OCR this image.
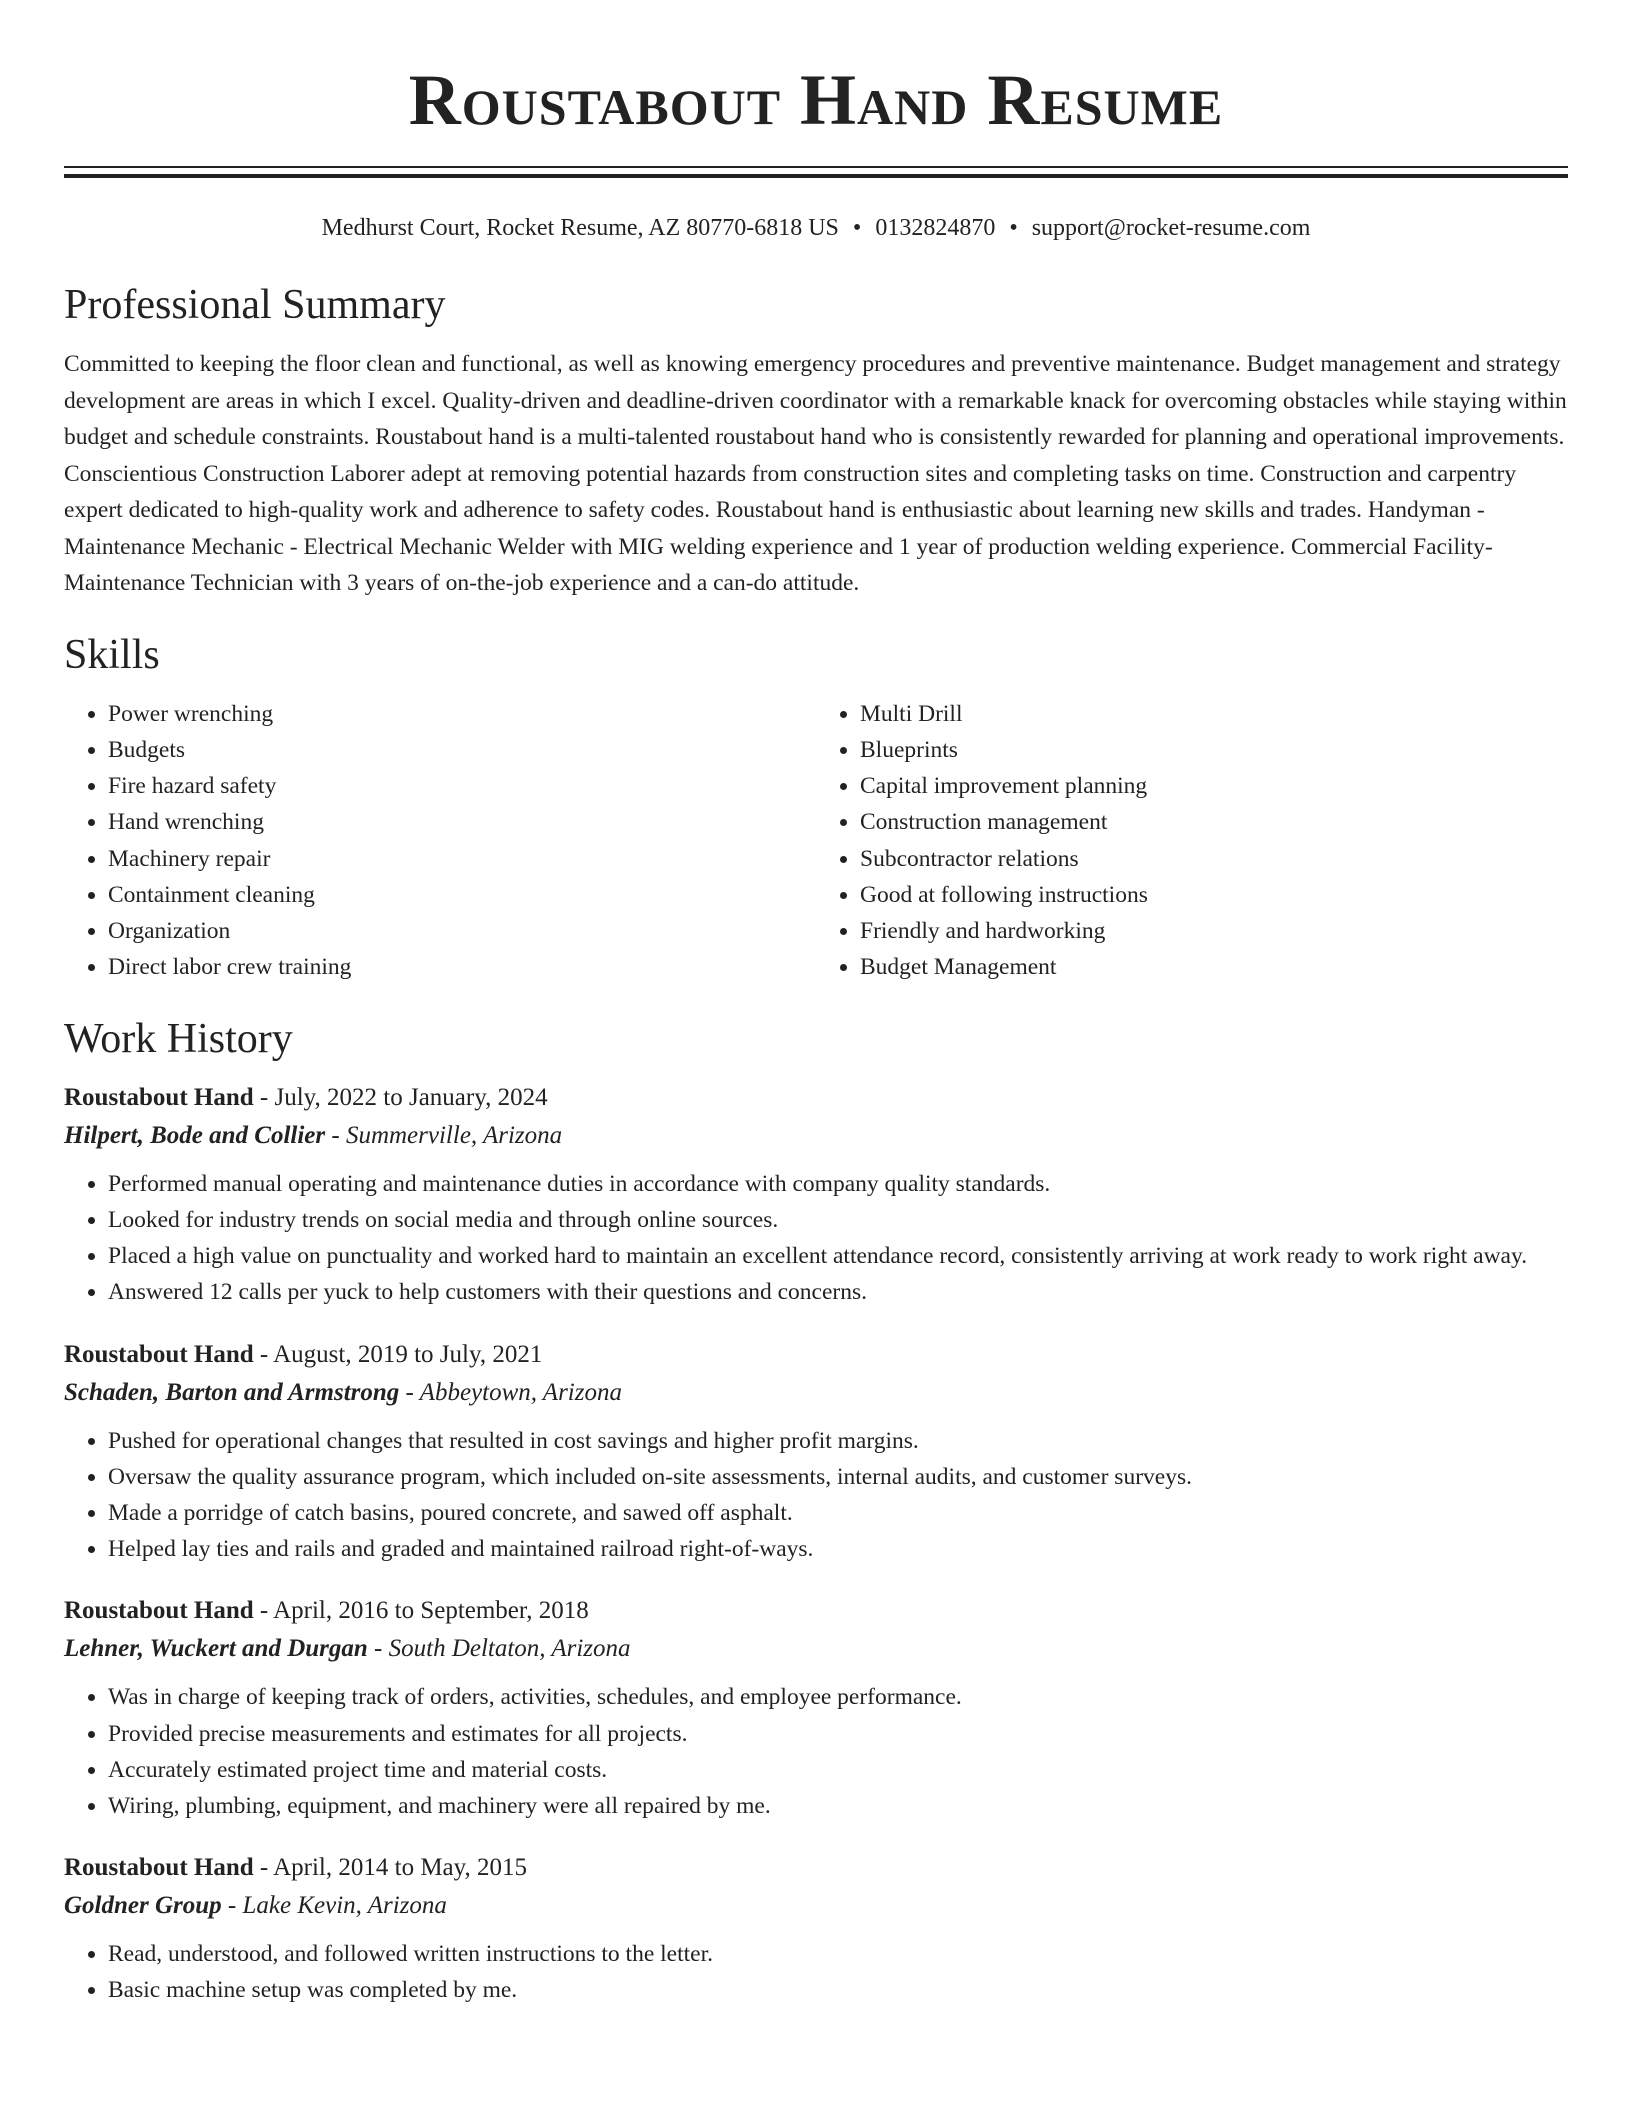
Roustabout Hand Resume
Medhurst Court, Rocket Resume, AZ 80770-6818 US • 0132824870 • support@rocket-resume.com
Professional Summary

Committed to keeping the floor clean and functional, as well as knowing emergency procedures and preventive maintenance. Budget management and strategy development are areas in which I excel. Quality-driven and deadline-driven coordinator with a remarkable knack for overcoming obstacles while staying within budget and schedule constraints. Roustabout hand is a multi-talented roustabout hand who is consistently rewarded for planning and operational improvements. Conscientious Construction Laborer adept at removing potential hazards from construction sites and completing tasks on time. Construction and carpentry expert dedicated to high-quality work and adherence to safety codes. Roustabout hand is enthusiastic about learning new skills and trades. Handyman - Maintenance Mechanic - Electrical Mechanic Welder with MIG welding experience and 1 year of production welding experience. Commercial Facility-Maintenance Technician with 3 years of on-the-job experience and a can-do attitude.

Skills
• Power wrenching
• Budgets
• Fire hazard safety
• Hand wrenching
• Machinery repair
• Containment cleaning
• Organization
• Direct labor crew training
• Multi Drill
• Blueprints
• Capital improvement planning
• Construction management
• Subcontractor relations
• Good at following instructions
• Friendly and hardworking
• Budget Management
Work History
Roustabout Hand - July, 2022 to January, 2024
Hilpert, Bode and Collier - Summerville, Arizona
• Performed manual operating and maintenance duties in accordance with company quality standards.
• Looked for industry trends on social media and through online sources.
• Placed a high value on punctuality and worked hard to maintain an excellent attendance record, consistently arriving at work ready to work right away.
• Answered 12 calls per yuck to help customers with their questions and concerns.
Roustabout Hand - August, 2019 to July, 2021
Schaden, Barton and Armstrong - Abbeytown, Arizona
• Pushed for operational changes that resulted in cost savings and higher profit margins.
• Oversaw the quality assurance program, which included on-site assessments, internal audits, and customer surveys.
• Made a porridge of catch basins, poured concrete, and sawed off asphalt.
• Helped lay ties and rails and graded and maintained railroad right-of-ways.
Roustabout Hand - April, 2016 to September, 2018
Lehner, Wuckert and Durgan - South Deltaton, Arizona
• Was in charge of keeping track of orders, activities, schedules, and employee performance.
• Provided precise measurements and estimates for all projects.
• Accurately estimated project time and material costs.
• Wiring, plumbing, equipment, and machinery were all repaired by me.
Roustabout Hand - April, 2014 to May, 2015
Goldner Group - Lake Kevin, Arizona
• Read, understood, and followed written instructions to the letter.
• Basic machine setup was completed by me.
